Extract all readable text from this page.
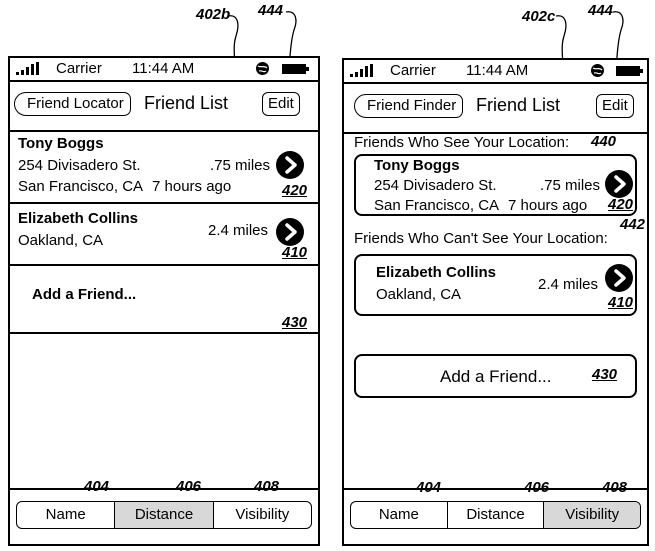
402b 444	402c 444
Carrier 11:44 AM
Friend Locator	Friend List	Edit
Tony Boggs
254 Divisadero St.	.75 miles
San Francisco, CA 7 hours ago	420
Elizabeth Collins
Oakland, CA
2.4 miles
410
Add a Friend...
430
Name	Distance	Visibility
404	406	408
Carrier 11:44 AM
Friend Finder	Friend List	Edit
Friends Who See Your Location:
Tony Boggs
254 Divisadero St.	.75 miles
San Francisco, CA 7 hours ago 420
Friends Who Can't See Your Location:
Elizabeth Collins
Oakland, CA
2.4 miles
410
Add a Friend...	430
Name	Distance	Visibility
440
442
404	406	408
